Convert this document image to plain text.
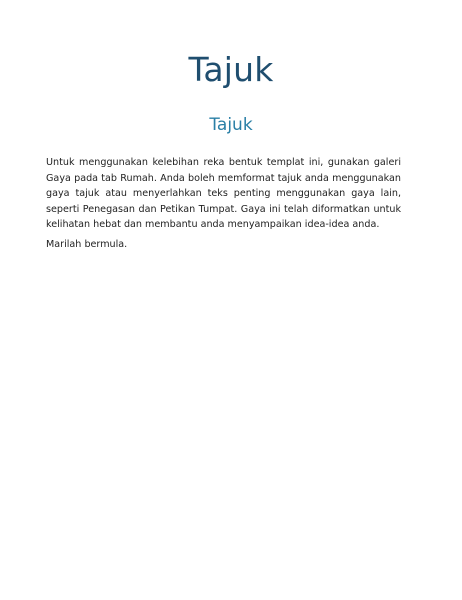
Tajuk
Tajuk

Untuk menggunakan kelebihan reka bentuk templat ini, gunakan galeri Gaya pada tab Rumah. Anda boleh memformat tajuk anda menggunakan gaya tajuk atau menyerlahkan teks penting menggunakan gaya lain, seperti Penegasan dan Petikan Tumpat. Gaya ini telah diformatkan untuk kelihatan hebat dan membantu anda menyampaikan idea-idea anda.

Marilah bermula.
